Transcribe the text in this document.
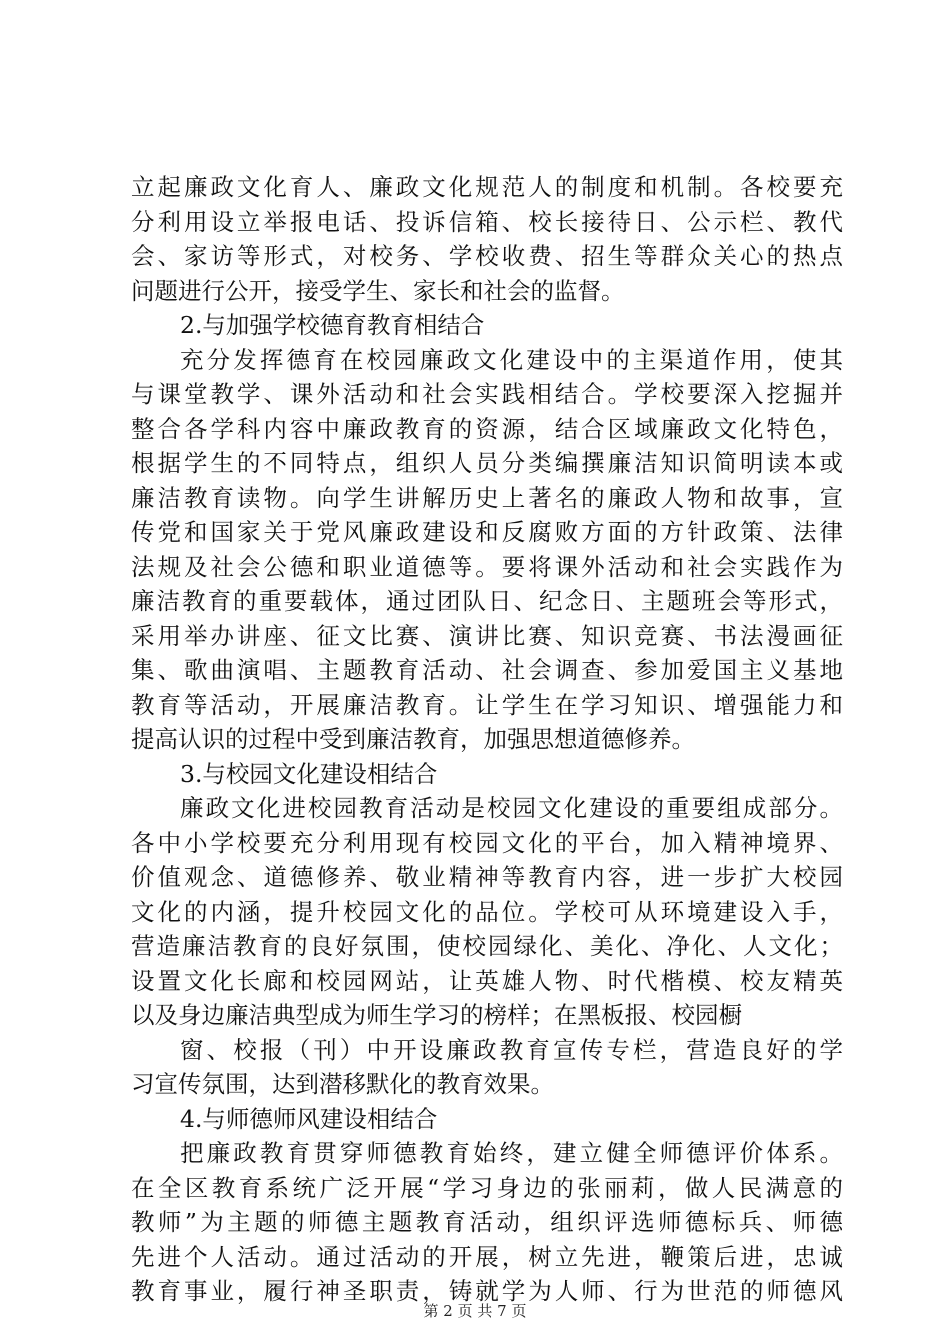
立起廉政文化育人、廉政文化规范人的制度和机制。各校要充
分利用设立举报电话、投诉信箱、校长接待日、公示栏、教代
会、家访等形式，对校务、学校收费、招生等群众关心的热点
问题进行公开，接受学生、家长和社会的监督。
2.与加强学校德育教育相结合
充分发挥德育在校园廉政文化建设中的主渠道作用，使其
与课堂教学、课外活动和社会实践相结合。学校要深入挖掘并
整合各学科内容中廉政教育的资源，结合区域廉政文化特色，
根据学生的不同特点，组织人员分类编撰廉洁知识简明读本或
廉洁教育读物。向学生讲解历史上著名的廉政人物和故事，宣
传党和国家关于党风廉政建设和反腐败方面的方针政策、法律
法规及社会公德和职业道德等。要将课外活动和社会实践作为
廉洁教育的重要载体，通过团队日、纪念日、主题班会等形式，
采用举办讲座、征文比赛、演讲比赛、知识竞赛、书法漫画征
集、歌曲演唱、主题教育活动、社会调查、参加爱国主义基地
教育等活动，开展廉洁教育。让学生在学习知识、增强能力和
提高认识的过程中受到廉洁教育，加强思想道德修养。
3.与校园文化建设相结合
廉政文化进校园教育活动是校园文化建设的重要组成部分。
各中小学校要充分利用现有校园文化的平台，加入精神境界、
价值观念、道德修养、敬业精神等教育内容，进一步扩大校园
文化的内涵，提升校园文化的品位。学校可从环境建设入手，
营造廉洁教育的良好氛围，使校园绿化、美化、净化、人文化；
设置文化长廊和校园网站，让英雄人物、时代楷模、校友精英
以及身边廉洁典型成为师生学习的榜样；在黑板报、校园橱
窗、校报（刊）中开设廉政教育宣传专栏，营造良好的学
习宣传氛围，达到潜移默化的教育效果。
4.与师德师风建设相结合
把廉政教育贯穿师德教育始终，建立健全师德评价体系。
在全区教育系统广泛开展“学习身边的张丽莉，做人民满意的
教师”为主题的师德主题教育活动，组织评选师德标兵、师德
先进个人活动。通过活动的开展，树立先进，鞭策后进，忠诚
教育事业，履行神圣职责，铸就学为人师、行为世范的师德风
第 2 页 共 7 页
